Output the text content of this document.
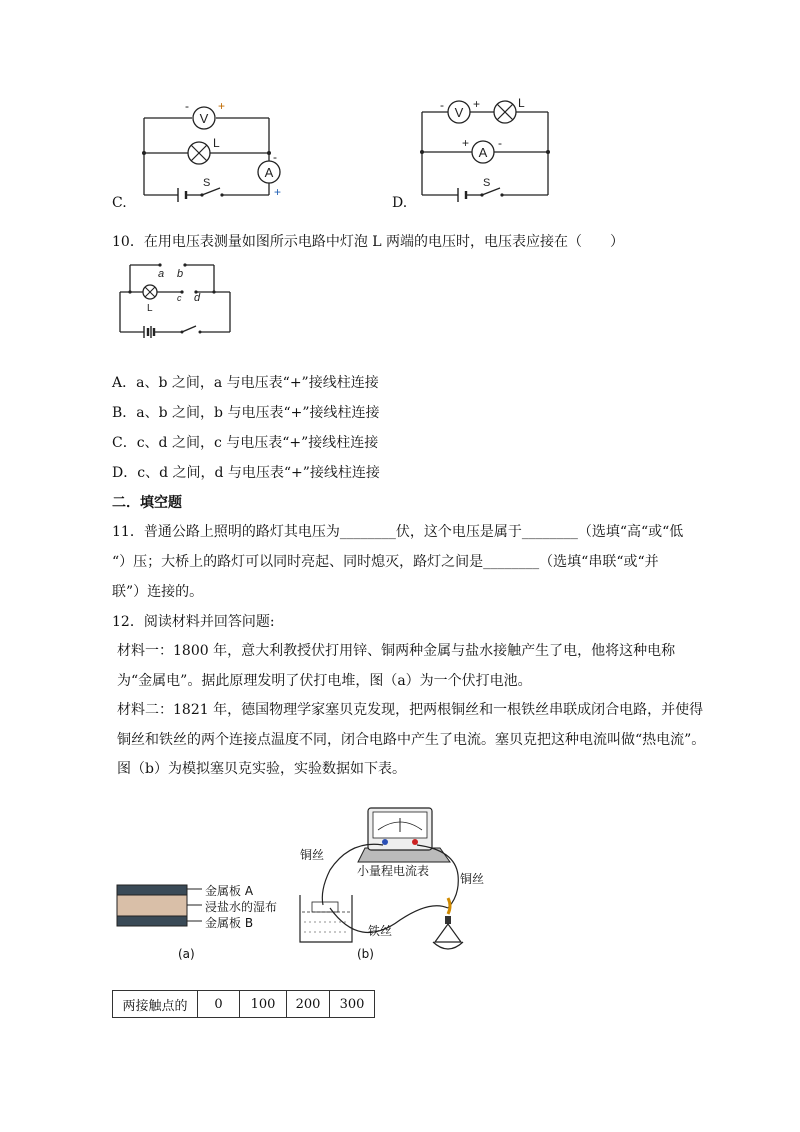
V
- +
L
A
-
+
S
C.
V
- +	L
A
+ -
S
D.
10．在用电压表测量如图所示电路中灯泡 L 两端的电压时，电压表应接在（　　）
a b
c d
L
A．a、b 之间，a 与电压表“+”接线柱连接
B．a、b 之间，b 与电压表“+”接线柱连接
C．c、d 之间，c 与电压表“+”接线柱连接
D．c、d 之间，d 与电压表“+”接线柱连接
二．填空题
11．普通公路上照明的路灯其电压为________伏，这个电压是属于________（选填“高“或“低
“）压；大桥上的路灯可以同时亮起、同时熄灭，路灯之间是________（选填“串联“或“并
联”）连接的。
12．阅读材料并回答问题:
材料一：1800 年，意大利教授伏打用锌、铜两种金属与盐水接触产生了电，他将这种电称为“金属电”。据此原理发明了伏打电堆，图（a）为一个伏打电池。
材料二：1821 年，德国物理学家塞贝克发现，把两根铜丝和一根铁丝串联成闭合电路，并使得铜丝和铁丝的两个连接点温度不同，闭合电路中产生了电流。塞贝克把这种电流叫做“热电流”。图（b）为模拟塞贝克实验，实验数据如下表。
金属板 A
浸盐水的湿布
金属板 B
(a)
铜丝
小量程电流表
铜丝
铁丝
(b)
两接触点的	0	100	200	300
